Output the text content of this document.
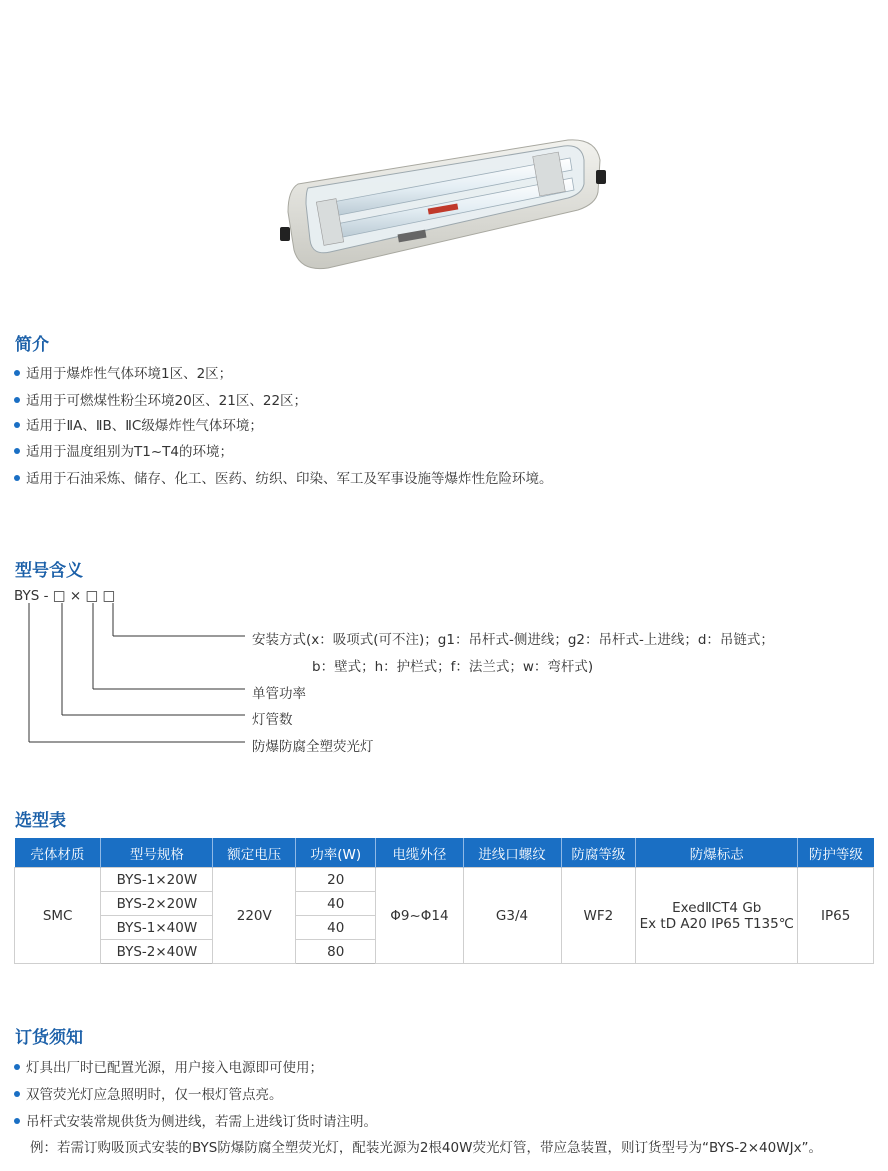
简介
适用于爆炸性气体环境1区、2区；
适用于可燃煤性粉尘环境20区、21区、22区；
适用于ⅡA、ⅡB、ⅡC级爆炸性气体环境；
适用于温度组别为T1~T4的环境；
适用于石油采炼、储存、化工、医药、纺织、印染、军工及军事设施等爆炸性危险环境。
型号含义
BYS - □ × □ □
安装方式(x：吸项式(可不注)；g1：吊杆式-侧进线；g2：吊杆式-上进线；d：吊链式；
b：壁式；h：护栏式；f：法兰式；w：弯杆式)
单管功率
灯管数
防爆防腐全塑荧光灯
选型表
壳体材质	型号规格	额定电压	功率(W)	电缆外径	进线口螺纹	防腐等级	防爆标志	防护等级
SMC	BYS-1×20W	220V	20	Φ9~Φ14	G3/4	WF2	ExedⅡCT4 Gb
Ex tD A20 IP65 T135℃	IP65
	BYS-2×20W		40					
	BYS-1×40W		40					
	BYS-2×40W		80					
订货须知
灯具出厂时已配置光源，用户接入电源即可使用；
双管荧光灯应急照明时，仅一根灯管点亮。
吊杆式安装常规供货为侧进线，若需上进线订货时请注明。
例：若需订购吸顶式安装的BYS防爆防腐全塑荧光灯，配装光源为2根40W荧光灯管，带应急装置，则订货型号为“BYS-2×40WJx”。
